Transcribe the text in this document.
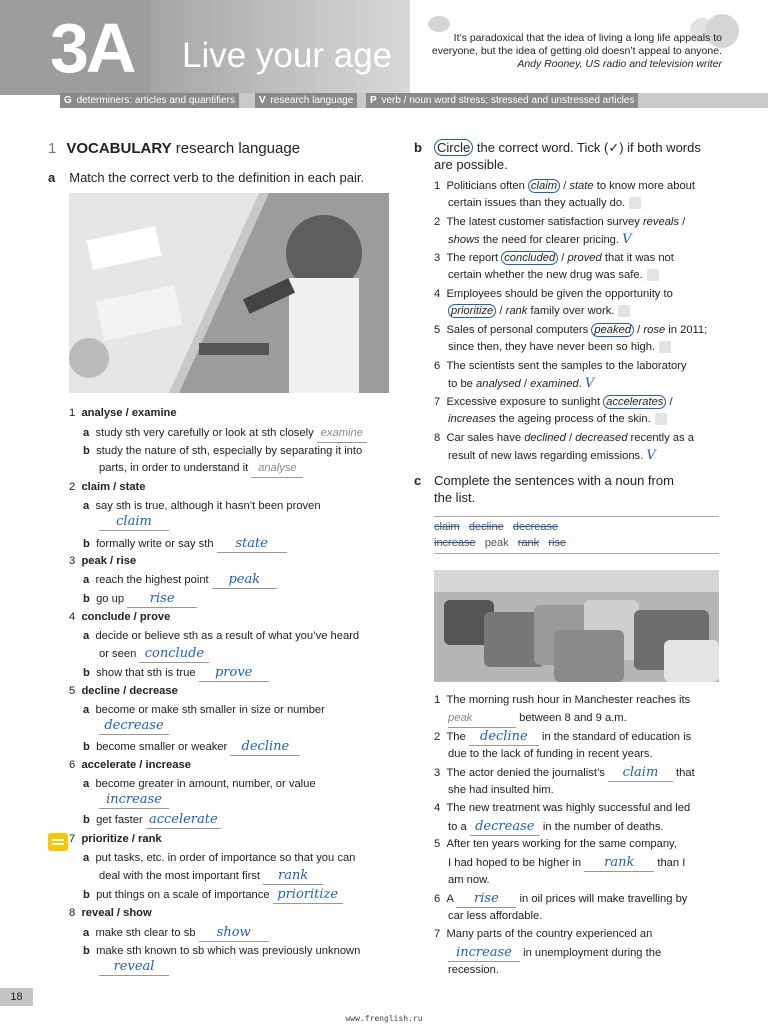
3A Live your age	It’s paradoxical that the idea of living a long life appeals to
everyone, but the idea of getting old doesn’t appeal to anyone.
Andy Rooney, US radio and television writer
G determiners: articles and quantifiers	V research language	P verb / noun word stress; stressed and unstressed articles
1 VOCABULARY research language
a Match the correct verb to the definition in each pair.
1 analyse / examine
a study sth very carefully or look at sth closely examine
b study the nature of sth, especially by separating it into
parts, in order to understand it analyse
2 claim / state
a say sth is true, although it hasn’t been proven
claim
b formally write or say sth state
3 peak / rise
a reach the highest point peak
b go up rise
4 conclude / prove
a decide or believe sth as a result of what you’ve heard
or seen conclude
b show that sth is true prove
5 decline / decrease
a become or make sth smaller in size or number
decrease
b become smaller or weaker decline
6 accelerate / increase
a become greater in amount, number, or value
increase
b get faster accelerate
7 prioritize / rank
a put tasks, etc. in order of importance so that you can
deal with the most important first rank
b put things on a scale of importance prioritize
8 reveal / show
a make sth clear to sb show
b make sth known to sb which was previously unknown
reveal
b Circle the correct word. Tick (✓) if both words
are possible.
1  Politicians often claim / state to know more about
certain issues than they actually do.
2  The latest customer satisfaction survey reveals /
shows the need for clearer pricing. V
3  The report concluded / proved that it was not
certain whether the new drug was safe.
4  Employees should be given the opportunity to
prioritize / rank family over work.
5  Sales of personal computers peaked / rose in 2011;
since then, they have never been so high.
6  The scientists sent the samples to the laboratory
to be analysed / examined. V
7  Excessive exposure to sunlight accelerates /
increases the ageing process of the skin.
8  Car sales have declined / decreased recently as a
result of new laws regarding emissions. V
c Complete the sentences with a noun from
the list.
claim decline decrease
increase peak rank rise
1  The morning rush hour in Manchester reaches its
peak	between 8 and 9 a.m.
2  The decline in the standard of education is
due to the lack of funding in recent years.
3  The actor denied the journalist’s claim that
she had insulted him.
4  The new treatment was highly successful and led
to a decrease in the number of deaths.
5  After ten years working for the same company,
I had hoped to be higher in rank than I
am now.
6  A rise in oil prices will make travelling by
car less affordable.
7  Many parts of the country experienced an
increase in unemployment during the
recession.
18
www.frenglish.ru
